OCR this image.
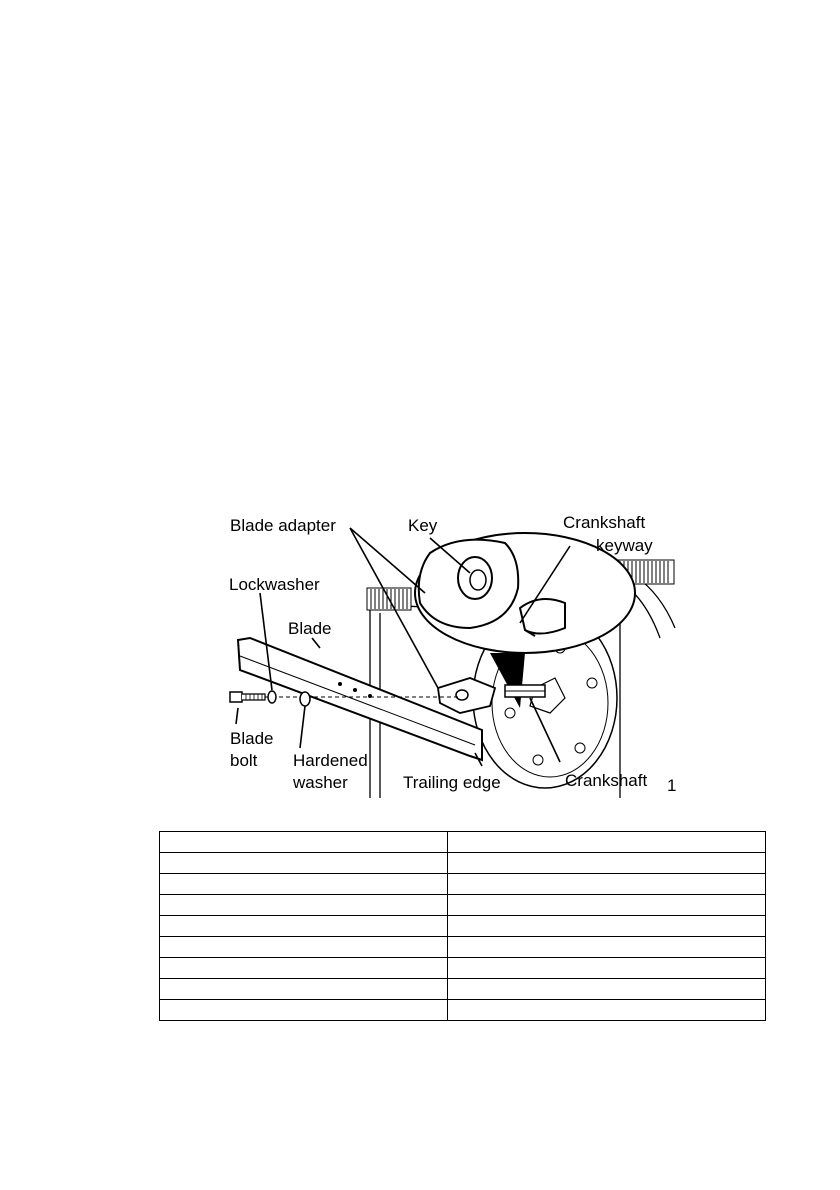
Blade adapter	Key	Crankshaft
keyway
Lockwasher
Blade
Blade
bolt Hardened
washer	Trailing edge	Crankshaft 1
